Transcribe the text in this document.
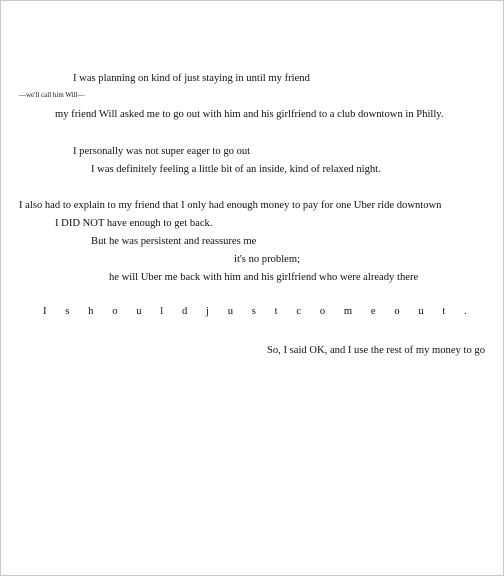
I was planning on kind of just staying in until my friend
—we'll call him Will—
my friend Will asked me to go out with him and his girlfriend to a club downtown in Philly.
I personally was not super eager to go out
I was definitely feeling a little bit of an inside, kind of relaxed night.
I also had to explain to my friend that I only had enough money to pay for one Uber ride downtown
I DID NOT have enough to get back.
But he was persistent and reassures me
it's no problem;
he will Uber me back with him and his girlfriend who were already there
I s h o u l d j u s t c o m e o u t .
So, I said OK, and I use the rest of my money to go
